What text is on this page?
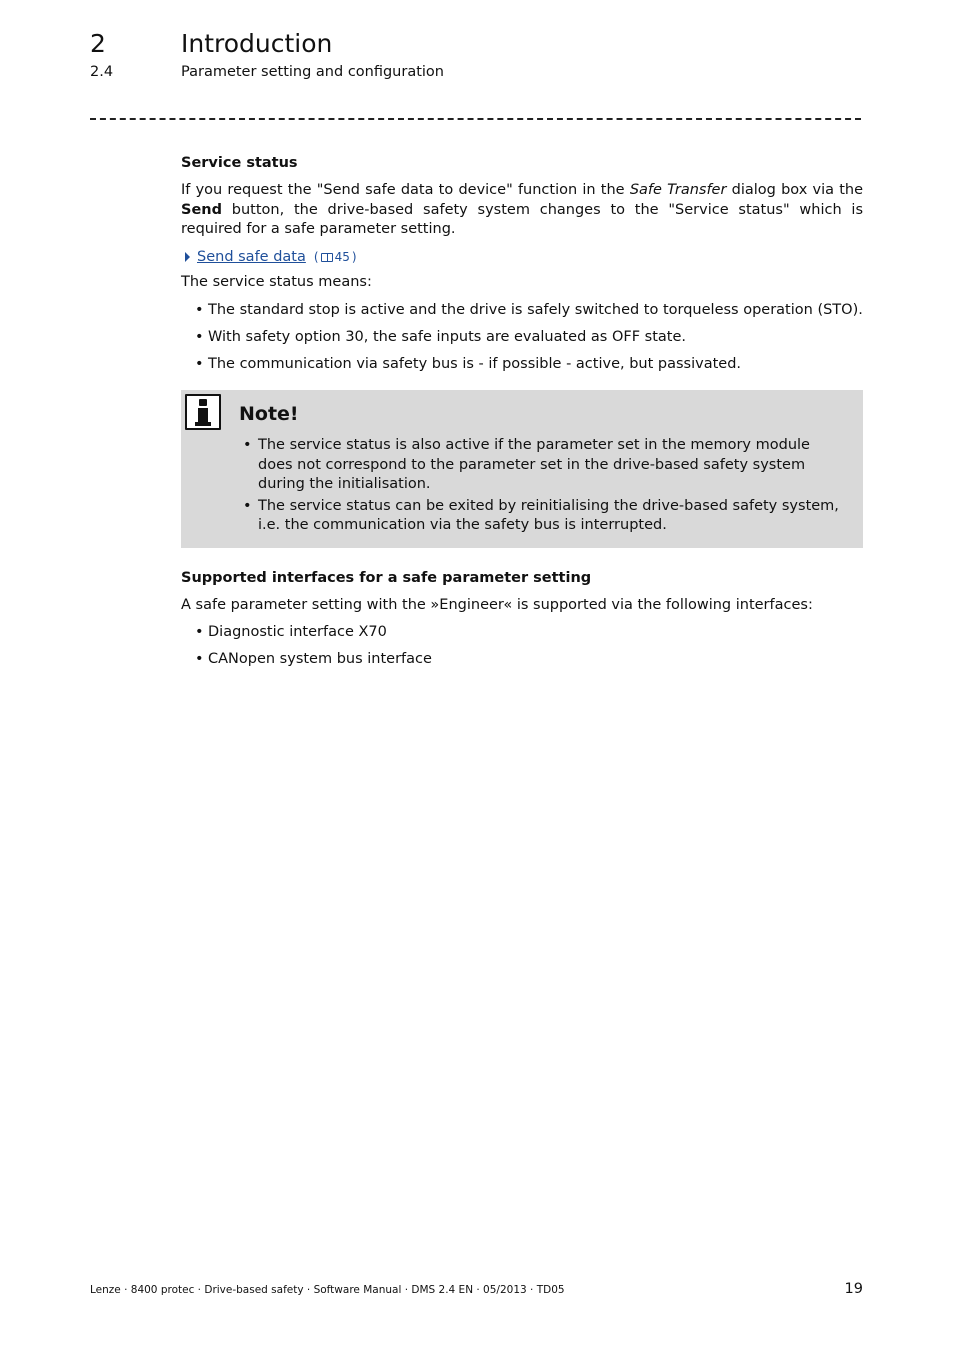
2	Introduction
2.4	Parameter setting and configuration
Service status

If you request the "Send safe data to device" function in the Safe Transfer dialog box via the Send button, the drive-based safety system changes to the "Service status" which is required for a safe parameter setting.

Send safe data ( 45 )

The service status means:

• The standard stop is active and the drive is safely switched to torqueless operation (STO).
• With safety option 30, the safe inputs are evaluated as OFF state.
• The communication via safety bus is - if possible - active, but passivated.
Note!
• The service status is also active if the parameter set in the memory module does not correspond to the parameter set in the drive-based safety system during the initialisation.
• The service status can be exited by reinitialising the drive-based safety system, i.e. the communication via the safety bus is interrupted.
Supported interfaces for a safe parameter setting

A safe parameter setting with the »Engineer« is supported via the following interfaces:

• Diagnostic interface X70
• CANopen system bus interface
Lenze · 8400 protec · Drive-based safety · Software Manual · DMS 2.4 EN · 05/2013 · TD05	19
